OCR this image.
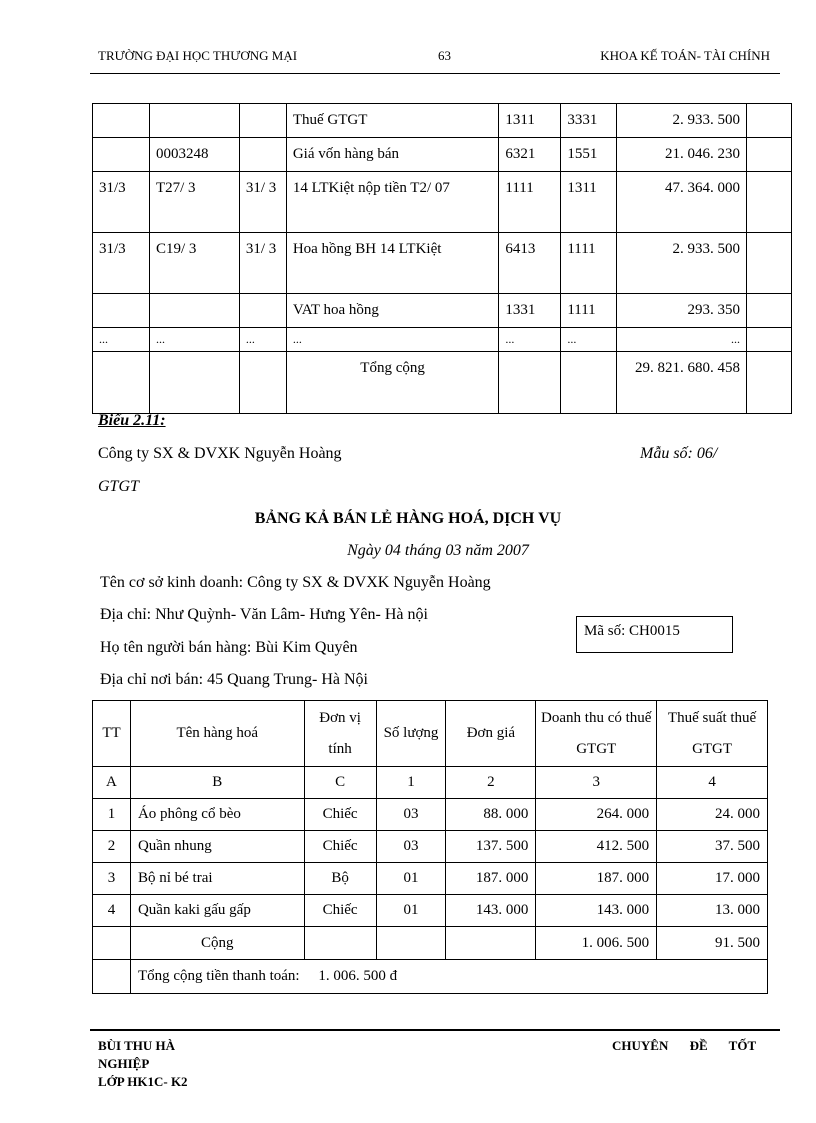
TRƯỜNG ĐẠI HỌC THƯƠNG MẠI	63	KHOA KẾ TOÁN- TÀI CHÍNH
			Thuế GTGT	1311	3331	2. 933. 500	
	0003248		Giá vốn hàng bán	6321	1551	21. 046. 230	
31/3	T27/ 3	31/ 3	14 LTKiệt nộp tiền T2/ 07	1111	1311	47. 364. 000	
31/3	C19/ 3	31/ 3	Hoa hồng BH 14 LTKiệt	6413	1111	2. 933. 500	
			VAT hoa hồng	1331	1111	293. 350	
...	...	...	...	...	...	...	
			Tổng cộng			29. 821. 680. 458	
Biểu 2.11:
Công ty SX & DVXK Nguyễn Hoàng	Mẫu số: 06/
GTGT
BẢNG KẢ BÁN LẺ HÀNG HOÁ, DỊCH VỤ
Ngày 04 tháng 03 năm 2007
Tên cơ sở kinh doanh: Công ty SX & DVXK Nguyễn Hoàng
Địa chỉ: Như Quỳnh- Văn Lâm- Hưng Yên- Hà nội
Họ tên người bán hàng: Bùi Kim Quyên
Địa chỉ nơi bán: 45 Quang Trung- Hà Nội
Mã số: CH0015
TT	Tên hàng hoá	Đơn vị tính	Số lượng	Đơn giá	Doanh thu có thuế GTGT	Thuế suất thuế GTGT
A	B	C	1	2	3	4
1	Áo phông cổ bèo	Chiếc	03	88. 000	264. 000	24. 000
2	Quần nhung	Chiếc	03	137. 500	412. 500	37. 500
3	Bộ nỉ bé trai	Bộ	01	187. 000	187. 000	17. 000
4	Quần kaki gấu gấp	Chiếc	01	143. 000	143. 000	13. 000
	Cộng				1. 006. 500	91. 500
	Tổng cộng tiền thanh toán:     1. 006. 500 đ					
BÙI THU HÀ
NGHIỆP
LỚP HK1C- K2
CHUYÊN ĐỀ TỐT
